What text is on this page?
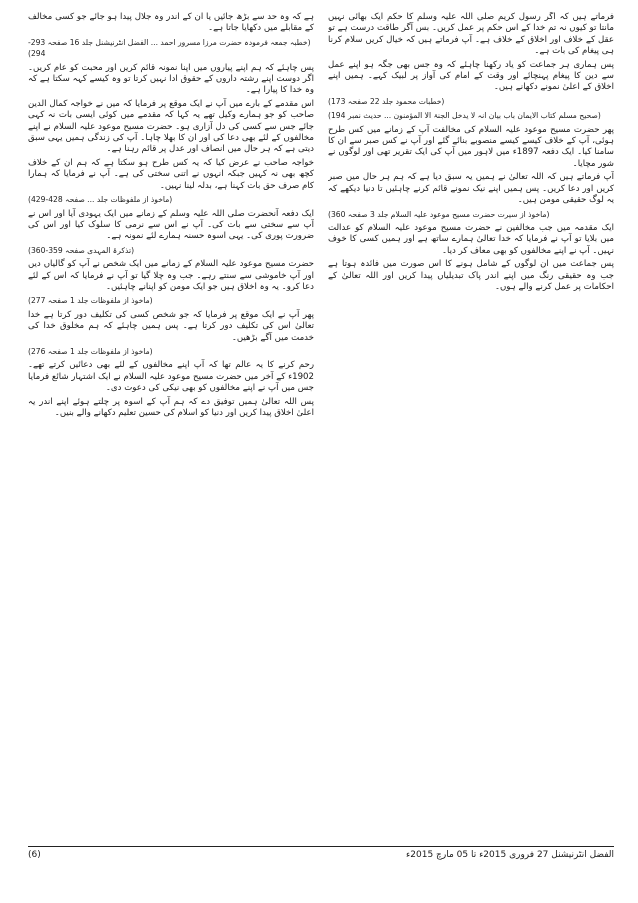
فرماتے ہیں کہ اگر رسول کریم صلی اللہ علیہ وسلم کا حکم ایک بھائی نہیں مانتا تو کیوں نہ تم خدا کے اس حکم پر عمل کریں۔ بس آگر طاقت درست ہے تو عقل کے خلاف اور اخلاق کے خلاف ہے۔ آپ فرماتے ہیں کہ خیال کریں سلام کرنا ہی پیغام کی بات ہے۔

پس ہماری ہر جماعت کو یاد رکھنا چاہئے کہ وہ جس بھی جگہ ہو اپنے عمل سے دین کا پیغام پہنچائے اور وقت کے امام کی آواز پر لبیک کہے۔ ہمیں اپنے اخلاق کے اعلیٰ نمونے دکھانے ہیں۔

(خطبات محمود جلد 22 صفحہ 173)
(صحیح مسلم کتاب الایمان باب بیان انہ لا یدخل الجنۃ الا المؤمنون ... حدیث نمبر 194)

پھر حضرت مسیح موعود علیہ السلام کی مخالفت آپ کے زمانے میں کس طرح ہوئی، آپ کے خلاف کیسے کیسے منصوبے بنائے گئے اور آپ نے کس صبر سے ان کا سامنا کیا۔ ایک دفعہ 1897ء میں لاہور میں آپ کی ایک تقریر تھی اور لوگوں نے شور مچایا۔

آپ فرماتے ہیں کہ اللہ تعالیٰ نے ہمیں یہ سبق دیا ہے کہ ہم ہر حال میں صبر کریں اور دعا کریں۔ پس ہمیں اپنے نیک نمونے قائم کرنے چاہئیں تا دنیا دیکھے کہ یہ لوگ حقیقی مومن ہیں۔

(ماخوذ از سیرت حضرت مسیح موعود علیہ السلام جلد 3 صفحہ 360)

ایک مقدمہ میں جب مخالفین نے حضرت مسیح موعود علیہ السلام کو عدالت میں بلایا تو آپ نے فرمایا کہ خدا تعالیٰ ہمارے ساتھ ہے اور ہمیں کسی کا خوف نہیں۔ آپ نے اپنے مخالفوں کو بھی معاف کر دیا۔

پس جماعت میں ان لوگوں کے شامل ہونے کا اس صورت میں فائدہ ہوتا ہے جب وہ حقیقی رنگ میں اپنے اندر پاک تبدیلیاں پیدا کریں اور اللہ تعالیٰ کے احکامات پر عمل کرنے والے ہوں۔

ہے کہ وہ حد سے بڑھ جائیں یا ان کے اندر وہ جلال پیدا ہو جائے جو کسی مخالف کے مقابلے میں دکھایا جاتا ہے۔

(خطبہ جمعہ فرمودہ حضرت مرزا مسرور احمد ... الفضل انٹرنیشنل جلد 16 صفحہ 293-294)

پس چاہئے کہ ہم اپنے پیاروں میں اپنا نمونہ قائم کریں اور محبت کو عام کریں۔ اگر دوست اپنے رشتہ داروں کے حقوق ادا نہیں کرتا تو وہ کیسے کہہ سکتا ہے کہ وہ خدا کا پیارا ہے۔

اس مقدمے کے بارے میں آپ نے ایک موقع پر فرمایا کہ میں نے خواجہ کمال الدین صاحب کو جو ہمارے وکیل تھے یہ کہا کہ مقدمے میں کوئی ایسی بات نہ کہی جائے جس سے کسی کی دل آزاری ہو۔ حضرت مسیح موعود علیہ السلام نے اپنے مخالفوں کے لئے بھی دعا کی اور ان کا بھلا چاہا۔ آپ کی زندگی ہمیں یہی سبق دیتی ہے کہ ہر حال میں انصاف اور عدل پر قائم رہنا ہے۔

خواجہ صاحب نے عرض کیا کہ یہ کس طرح ہو سکتا ہے کہ ہم ان کے خلاف کچھ بھی نہ کہیں جبکہ انہوں نے اتنی سختی کی ہے۔ آپ نے فرمایا کہ ہمارا کام صرف حق بات کہنا ہے، بدلہ لینا نہیں۔

(ماخوذ از ملفوظات جلد ... صفحہ 428-429)

ایک دفعہ آنحضرت صلی اللہ علیہ وسلم کے زمانے میں ایک یہودی آیا اور اس نے آپ سے سختی سے بات کی۔ آپ نے اس سے نرمی کا سلوک کیا اور اس کی ضرورت پوری کی۔ یہی اسوہ حسنہ ہمارے لئے نمونہ ہے۔

(تذکرۃ المہدی صفحہ 359-360)

حضرت مسیح موعود علیہ السلام کے زمانے میں ایک شخص نے آپ کو گالیاں دیں اور آپ خاموشی سے سنتے رہے۔ جب وہ چلا گیا تو آپ نے فرمایا کہ اس کے لئے دعا کرو۔ یہ وہ اخلاق ہیں جو ایک مومن کو اپنانے چاہئیں۔

(ماخوذ از ملفوظات جلد 1 صفحہ 277)

پھر آپ نے ایک موقع پر فرمایا کہ جو شخص کسی کی تکلیف دور کرتا ہے خدا تعالیٰ اس کی تکلیف دور کرتا ہے۔ پس ہمیں چاہئے کہ ہم مخلوق خدا کی خدمت میں آگے بڑھیں۔

(ماخوذ از ملفوظات جلد 1 صفحہ 276)

رحم کرنے کا یہ عالم تھا کہ آپ اپنے مخالفوں کے لئے بھی دعائیں کرتے تھے۔ 1902ء کے آخر میں حضرت مسیح موعود علیہ السلام نے ایک اشتہار شائع فرمایا جس میں آپ نے اپنے مخالفوں کو بھی نیکی کی دعوت دی۔

پس اللہ تعالیٰ ہمیں توفیق دے کہ ہم آپ کے اسوہ پر چلتے ہوئے اپنے اندر یہ اعلیٰ اخلاق پیدا کریں اور دنیا کو اسلام کی حسین تعلیم دکھانے والے بنیں۔

الفضل انٹرنیشنل 27 فروری 2015ء تا 05 مارچ 2015ء
(6)
